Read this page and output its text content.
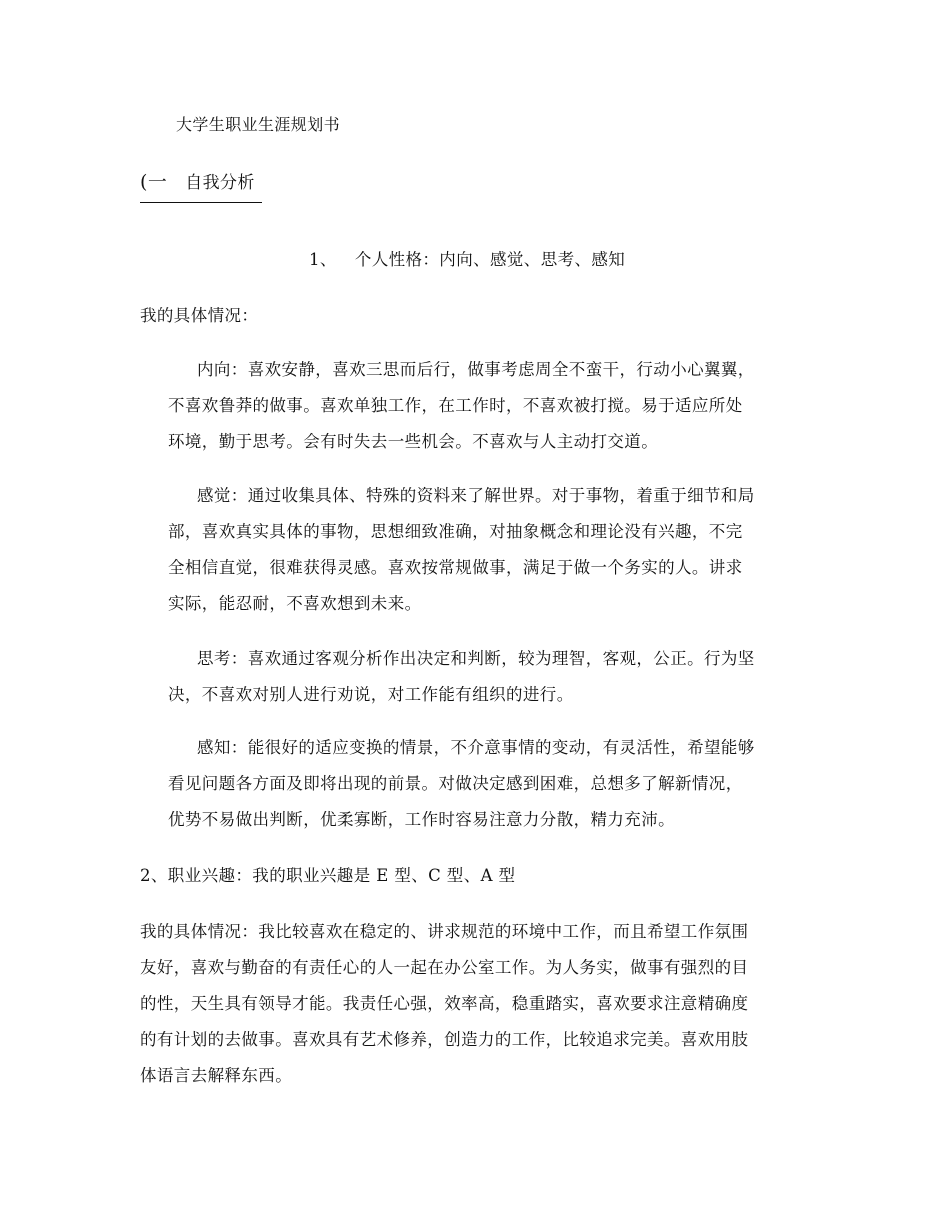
大学生职业生涯规划书
(一 自我分析
1、 个人性格：内向、感觉、思考、感知
我的具体情况：
内向：喜欢安静，喜欢三思而后行，做事考虑周全不蛮干，行动小心翼翼，
不喜欢鲁莽的做事。喜欢单独工作，在工作时，不喜欢被打搅。易于适应所处
环境，勤于思考。会有时失去一些机会。不喜欢与人主动打交道。
感觉：通过收集具体、特殊的资料来了解世界。对于事物，着重于细节和局
部，喜欢真实具体的事物，思想细致准确，对抽象概念和理论没有兴趣，不完
全相信直觉，很难获得灵感。喜欢按常规做事，满足于做一个务实的人。讲求
实际，能忍耐，不喜欢想到未来。
思考：喜欢通过客观分析作出决定和判断，较为理智，客观，公正。行为坚
决，不喜欢对别人进行劝说，对工作能有组织的进行。
感知：能很好的适应变换的情景，不介意事情的变动，有灵活性，希望能够
看见问题各方面及即将出现的前景。对做决定感到困难，总想多了解新情况，
优势不易做出判断，优柔寡断，工作时容易注意力分散，精力充沛。
2、职业兴趣：我的职业兴趣是 E 型、C 型、A 型
我的具体情况：我比较喜欢在稳定的、讲求规范的环境中工作，而且希望工作氛围
友好，喜欢与勤奋的有责任心的人一起在办公室工作。为人务实，做事有强烈的目
的性，天生具有领导才能。我责任心强，效率高，稳重踏实，喜欢要求注意精确度
的有计划的去做事。喜欢具有艺术修养，创造力的工作，比较追求完美。喜欢用肢
体语言去解释东西。
